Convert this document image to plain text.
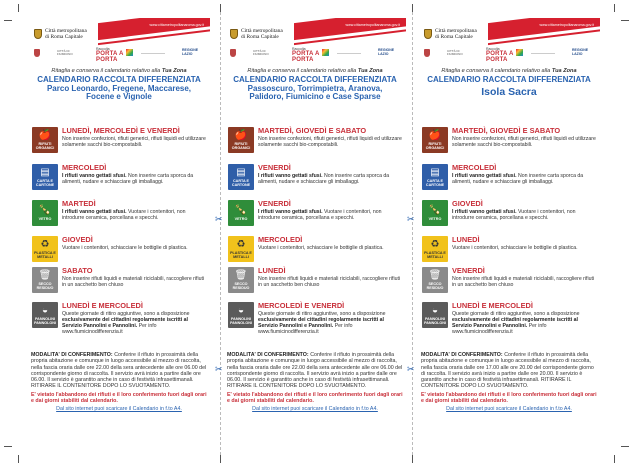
✂	✂
✂	✂
www.cittametropolitanaroma.gov.it
Città metropolitana
di Roma Capitale
CITTÀ DI FIUMICINO
Raccolta
PORTA A PORTA
REGIONE LAZIO
Ritaglia e conserva il calendario relativo alla Tua Zona
CALENDARIO RACCOLTA DIFFERENZIATA
Parco Leonardo, Fregene, Maccarese,
Focene e Vignole
🍎
RIFIUTI ORGANICI
LUNEDÌ, MERCOLEDÌ E VENERDÌ
Non inserire confezioni, rifiuti generici, rifiuti liquidi ed utilizzare solamente sacchi bio-compostabili.
▤
CARTA E CARTONE
MERCOLEDÌ
I rifiuti vanno gettati sfusi. Non inserire carta sporca da alimenti, nudare e schiacciare gli imballaggi.
🍾
VETRO
MARTEDÌ
I rifiuti vanno gettati sfusi. Vuotare i contenitori, non introdurre ceramica, porcellana e specchi.
♻
PLASTICA E METALLI
GIOVEDÌ
Vuotare i contenitori, schiacciare le bottiglie di plastica.
🗑
SECCO RESIDUO
SABATO
Non inserire rifiuti liquidi e materiali riciclabili, raccogliere rifiuti in un sacchetto ben chiuso
◒
PANNOLINI PANNOLONI
LUNEDÌ E MERCOLEDÌ
Queste giornate di ritiro aggiuntive, sono a disposizione esclusivamente dei cittadini regolarmente iscritti al Servizio Pannolini e Pannolini. Per info www.fiumicinodifferenzia.it
MODALITA' DI CONFERIMENTO: Conferire il rifiuto in prossimità della propria abitazione e comunque in luogo accessibile al mezzo di raccolta, nella fascia oraria dalle ore 22.00 della sera antecedente alle ore 06.00 del corrispondente giorno di raccolta. Il servizio avrà inizio a partire dalle ore 06.00. Il servizio è garantito anche in caso di festività infrasettimanali. RITIRARE IL CONTENITORE DOPO LO SVUOTAMENTO.
E' vietato l'abbandono dei rifiuti e il loro conferimento fuori dagli orari e dai giorni stabiliti dal calendario.
Dal sito internet puoi scaricare il Calendario in f.to A4.
www.cittametropolitanaroma.gov.it
Città metropolitana
di Roma Capitale
CITTÀ DI FIUMICINO
Raccolta
PORTA A PORTA
REGIONE LAZIO
Ritaglia e conserva il calendario relativo alla Tua Zona
CALENDARIO RACCOLTA DIFFERENZIATA
Passoscuro, Torrimpietra, Aranova,
Palidoro, Fiumicino e Case Sparse
🍎
RIFIUTI ORGANICI
MARTEDÌ, GIOVEDÌ E SABATO
Non inserire confezioni, rifiuti generici, rifiuti liquidi ed utilizzare solamente sacchi bio-compostabili.
▤
CARTA E CARTONE
VENERDÌ
I rifiuti vanno gettati sfusi. Non inserire carta sporca da alimenti, nudare e schiacciare gli imballaggi.
🍾
VETRO
VENERDÌ
I rifiuti vanno gettati sfusi. Vuotare i contenitori, non introdurre ceramica, porcellana e specchi.
♻
PLASTICA E METALLI
MERCOLEDÌ
Vuotare i contenitori, schiacciare le bottiglie di plastica.
🗑
SECCO RESIDUO
LUNEDÌ
Non inserire rifiuti liquidi e materiali riciclabili, raccogliere rifiuti in un sacchetto ben chiuso
◒
PANNOLINI PANNOLONI
MERCOLEDÌ E VENERDÌ
Queste giornate di ritiro aggiuntive, sono a disposizione esclusivamente dei cittadini regolarmente iscritti al Servizio Pannolini e Pannolini. Per info www.fiumicinodifferenzia.it
MODALITA' DI CONFERIMENTO: Conferire il rifiuto in prossimità della propria abitazione e comunque in luogo accessibile al mezzo di raccolta, nella fascia oraria dalle ore 22.00 della sera antecedente alle ore 06.00 del corrispondente giorno di raccolta. Il servizio avrà inizio a partire dalle ore 06.00. Il servizio è garantito anche in caso di festività infrasettimanali. RITIRARE IL CONTENITORE DOPO LO SVUOTAMENTO.
E' vietato l'abbandono dei rifiuti e il loro conferimento fuori dagli orari e dai giorni stabiliti dal calendario.
Dal sito internet puoi scaricare il Calendario in f.to A4.
www.cittametropolitanaroma.gov.it
Città metropolitana
di Roma Capitale
CITTÀ DI FIUMICINO
Raccolta
PORTA A PORTA
REGIONE LAZIO
Ritaglia e conserva il calendario relativo alla Tua Zona
CALENDARIO RACCOLTA DIFFERENZIATA
Isola Sacra
🍎
RIFIUTI ORGANICI
MARTEDÌ, GIOVEDÌ E SABATO
Non inserire confezioni, rifiuti generici, rifiuti liquidi ed utilizzare solamente sacchi bio-compostabili.
▤
CARTA E CARTONE
MERCOLEDÌ
I rifiuti vanno gettati sfusi. Non inserire carta sporca da alimenti, nudare e schiacciare gli imballaggi.
🍾
VETRO
GIOVEDÌ
I rifiuti vanno gettati sfusi. Vuotare i contenitori, non introdurre ceramica, porcellana e specchi.
♻
PLASTICA E METALLI
LUNEDÌ
Vuotare i contenitori, schiacciare le bottiglie di plastica.
🗑
SECCO RESIDUO
VENERDÌ
Non inserire rifiuti liquidi e materiali riciclabili, raccogliere rifiuti in un sacchetto ben chiuso
◒
PANNOLINI PANNOLONI
LUNEDÌ E MERCOLEDÌ
Queste giornate di ritiro aggiuntive, sono a disposizione esclusivamente dei cittadini regolarmente iscritti al Servizio Pannolini e Pannolini. Per info www.fiumicinodifferenzia.it
MODALITA' DI CONFERIMENTO: Conferire il rifiuto in prossimità della propria abitazione e comunque in luogo accessibile al mezzo di raccolta, nella fascia oraria dalle ore 17.00 alle ore 20.00 del corrispondente giorno di raccolta. Il servizio avrà inizio a partire dalle ore 20.00. Il servizio è garantito anche in caso di festività infrasettimanali. RITIRARE IL CONTENITORE DOPO LO SVUOTAMENTO.
E' vietato l'abbandono dei rifiuti e il loro conferimento fuori dagli orari e dai giorni stabiliti dal calendario.
Dal sito internet puoi scaricare il Calendario in f.to A4.
